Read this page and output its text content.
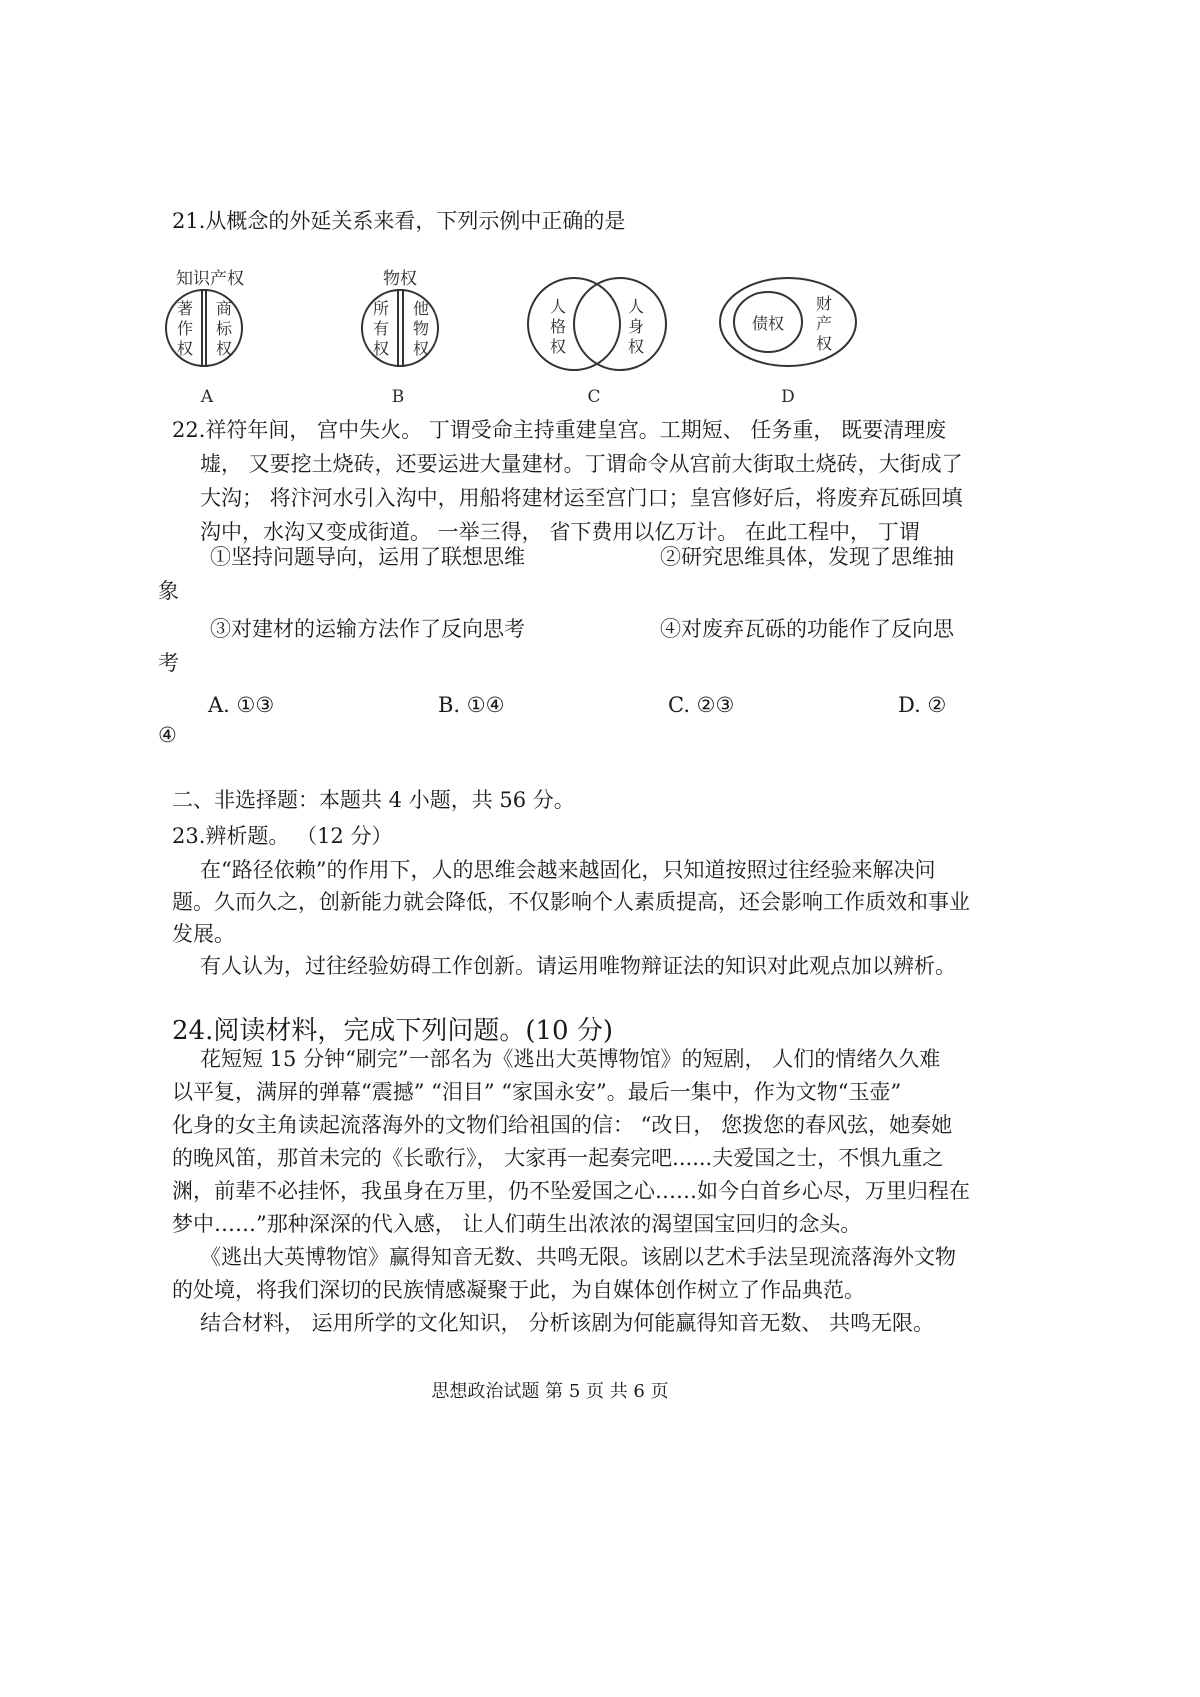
21.从概念的外延关系来看，下列示例中正确的是
知识产权
著
作
权
商
标
权
A
物权
所
有
权
他
物
权
B
人
格
权
人
身
权
C
债权
财
产
权
D
22.祥符年间， 宫中失火。 丁谓受命主持重建皇宫。工期短、 任务重， 既要清理废
墟， 又要挖土烧砖，还要运进大量建材。丁谓命令从宫前大街取土烧砖，大街成了
大沟； 将汴河水引入沟中，用船将建材运至宫门口；皇宫修好后，将废弃瓦砾回填
沟中，水沟又变成街道。 一举三得， 省下费用以亿万计。 在此工程中， 丁谓
①坚持问题导向，运用了联想思维	②研究思维具体，发现了思维抽
象
③对建材的运输方法作了反向思考	④对废弃瓦砾的功能作了反向思
考
A. ①③	B. ①④	C. ②③	D. ②
④
二、非选择题：本题共 4 小题，共 56 分。
23.辨析题。 （12 分）
在“路径依赖”的作用下，人的思维会越来越固化，只知道按照过往经验来解决问
题。久而久之，创新能力就会降低，不仅影响个人素质提高，还会影响工作质效和事业
发展。
有人认为，过往经验妨碍工作创新。请运用唯物辩证法的知识对此观点加以辨析。
24.阅读材料，完成下列问题。(10 分)
花短短 15 分钟“刷完”一部名为《逃出大英博物馆》的短剧， 人们的情绪久久难
以平复，满屏的弹幕“震撼” “泪目” “家国永安”。最后一集中，作为文物“玉壶”
化身的女主角读起流落海外的文物们给祖国的信： “改日， 您拨您的春风弦，她奏她
的晚风笛，那首未完的《长歌行》， 大家再一起奏完吧......夫爱国之士，不惧九重之
渊，前辈不必挂怀，我虽身在万里，仍不坠爱国之心……如今白首乡心尽，万里归程在
梦中……”那种深深的代入感， 让人们萌生出浓浓的渴望国宝回归的念头。
《逃出大英博物馆》赢得知音无数、共鸣无限。该剧以艺术手法呈现流落海外文物
的处境，将我们深切的民族情感凝聚于此，为自媒体创作树立了作品典范。
结合材料， 运用所学的文化知识， 分析该剧为何能赢得知音无数、 共鸣无限。
思想政治试题 第 5 页 共 6 页
